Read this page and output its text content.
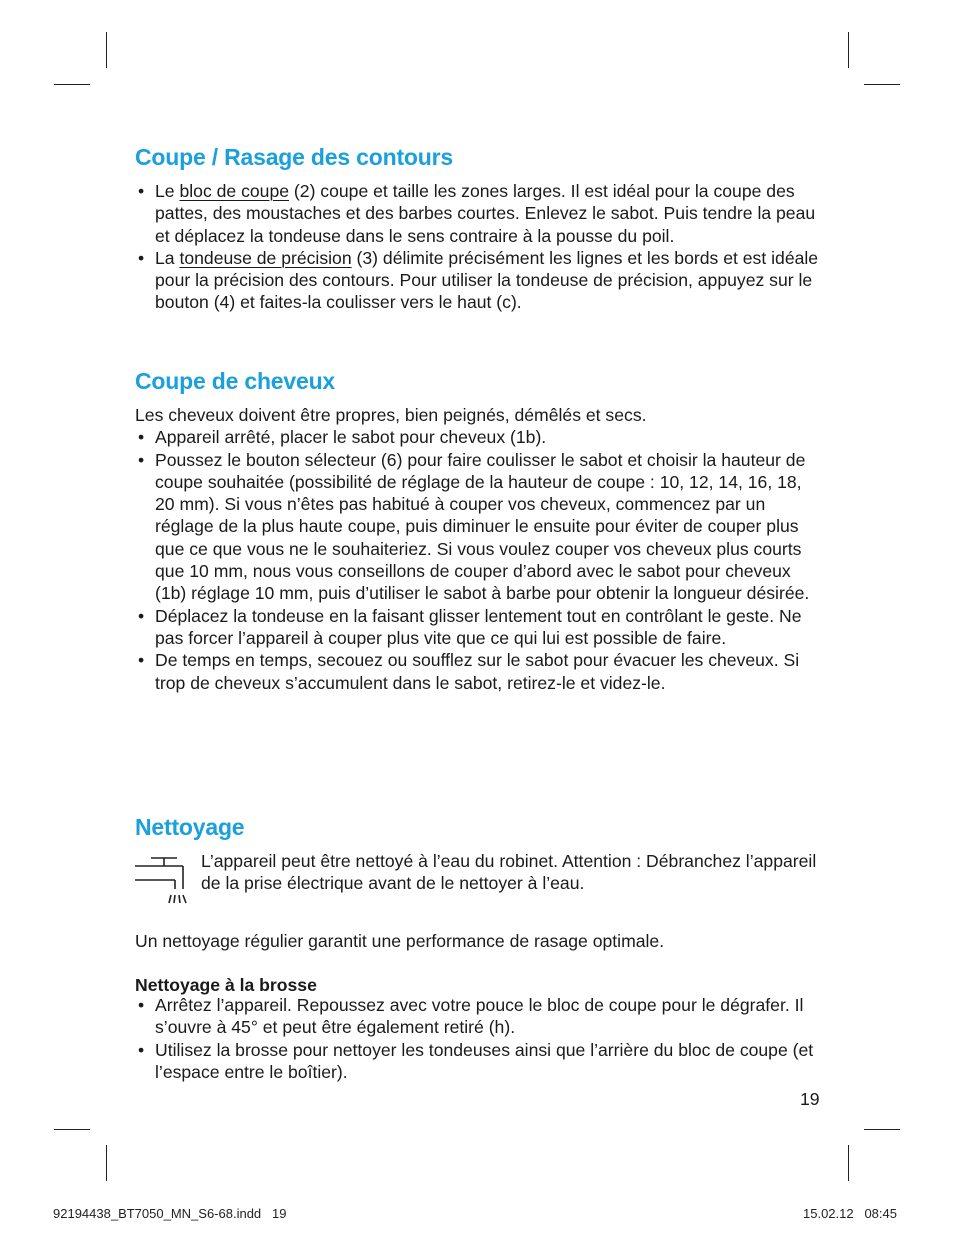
Coupe / Rasage des contours
• Le bloc de coupe (2) coupe et taille les zones larges. Il est idéal pour la coupe des pattes, des moustaches et des barbes courtes. Enlevez le sabot. Puis tendre la peau et déplacez la tondeuse dans le sens contraire à la pousse du poil.
• La tondeuse de précision (3) délimite précisément les lignes et les bords et est idéale pour la précision des contours. Pour utiliser la tondeuse de précision, appuyez sur le bouton (4) et faites-la coulisser vers le haut (c).
Coupe de cheveux

Les cheveux doivent être propres, bien peignés, démêlés et secs.

• Appareil arrêté, placer le sabot pour cheveux (1b).
• Poussez le bouton sélecteur (6) pour faire coulisser le sabot et choisir la hauteur de coupe souhaitée (possibilité de réglage de la hauteur de coupe : 10, 12, 14, 16, 18, 20 mm). Si vous n’êtes pas habitué à couper vos cheveux, commencez par un réglage de la plus haute coupe, puis diminuer le ensuite pour éviter de couper plus que ce que vous ne le souhaiteriez. Si vous voulez couper vos cheveux plus courts que 10 mm, nous vous conseillons de couper d’abord avec le sabot pour cheveux (1b) réglage 10 mm, puis d’utiliser le sabot à barbe pour obtenir la longueur désirée.
• Déplacez la tondeuse en la faisant glisser lentement tout en contrôlant le geste. Ne pas forcer l’appareil à couper plus vite que ce qui lui est possible de faire.
• De temps en temps, secouez ou soufflez sur le sabot pour évacuer les cheveux. Si trop de cheveux s’accumulent dans le sabot, retirez-le et videz-le.
Nettoyage

L’appareil peut être nettoyé à l’eau du robinet. Attention : Débranchez l’appareil de la prise électrique avant de le nettoyer à l’eau.

Un nettoyage régulier garantit une performance de rasage optimale.

Nettoyage à la brosse
• Arrêtez l’appareil. Repoussez avec votre pouce le bloc de coupe pour le dégrafer. Il s’ouvre à 45° et peut être également retiré (h).
• Utilisez la brosse pour nettoyer les tondeuses ainsi que l’arrière du bloc de coupe (et l’espace entre le boîtier).
19
92194438_BT7050_MN_S6-68.indd   19	15.02.12   08:45
